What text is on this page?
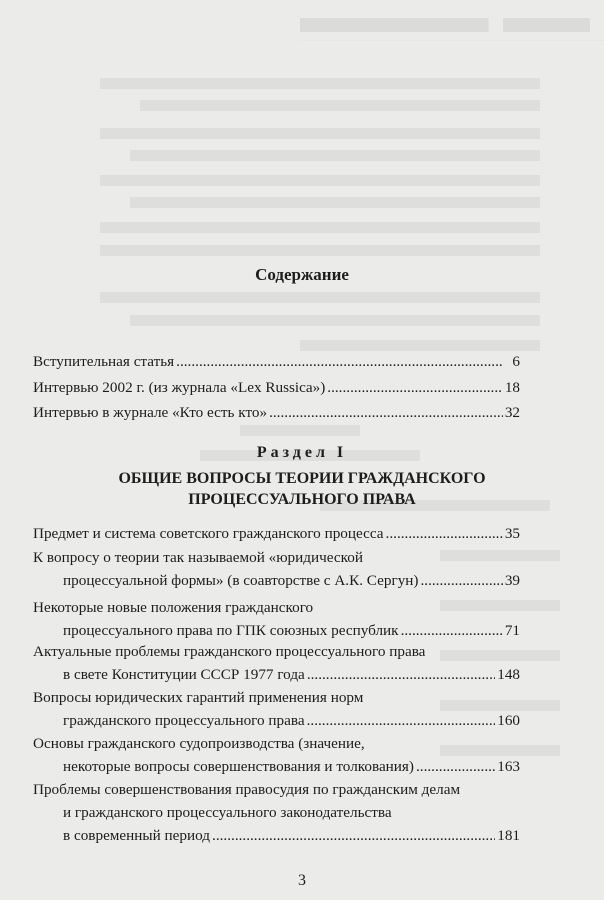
Содержание
Вступительная статья .....	6
Интервью 2002 г. (из журнала «Lex Russica») .....	18
Интервью в журнале «Кто есть кто» .....	32
Раздел I
ОБЩИЕ ВОПРОСЫ ТЕОРИИ ГРАЖДАНСКОГО
ПРОЦЕССУАЛЬНОГО ПРАВА
Предмет и система советского гражданского процесса .....	35
К вопросу о теории так называемой «юридической
процессуальной формы» (в соавторстве с А.К. Сергун) .....	39
Некоторые новые положения гражданского
процессуального права по ГПК союзных республик .....	71
Актуальные проблемы гражданского процессуального права
в свете Конституции СССР 1977 года .....	148
Вопросы юридических гарантий применения норм
гражданского процессуального права .....	160
Основы гражданского судопроизводства (значение,
некоторые вопросы совершенствования и толкования) .....	163
Проблемы совершенствования правосудия по гражданским делам
и гражданского процессуального законодательства
в современный период .....	181
3
